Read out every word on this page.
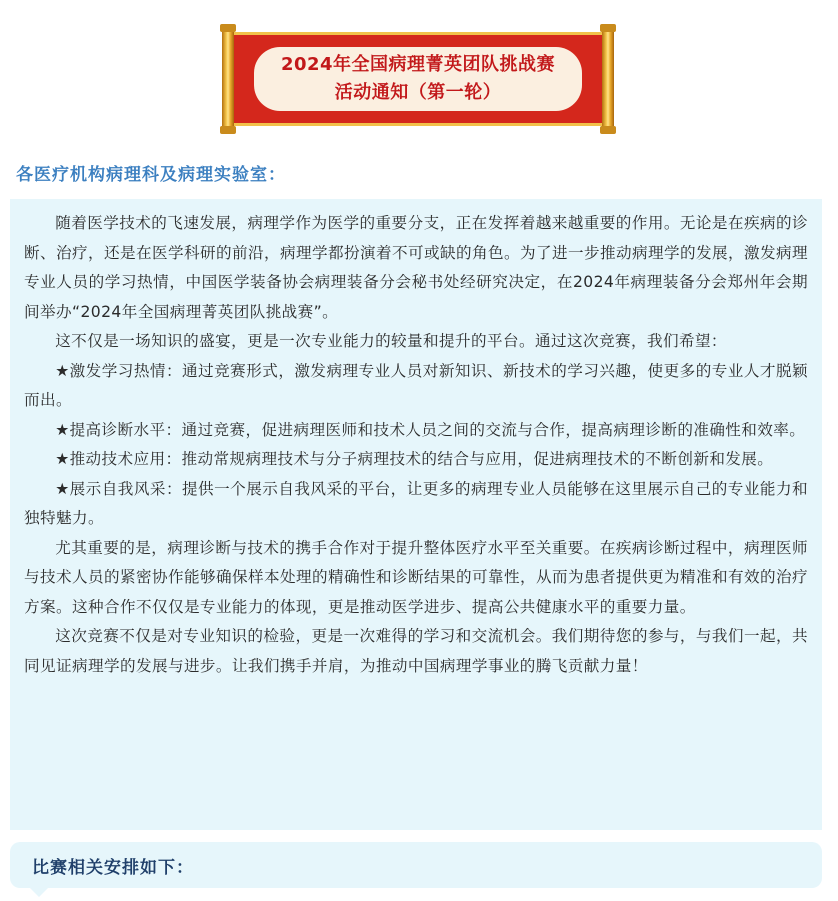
2024年全国病理菁英团队挑战赛
活动通知（第一轮）
各医疗机构病理科及病理实验室：

随着医学技术的飞速发展，病理学作为医学的重要分支，正在发挥着越来越重要的作用。无论是在疾病的诊断、治疗，还是在医学科研的前沿，病理学都扮演着不可或缺的角色。为了进一步推动病理学的发展，激发病理专业人员的学习热情，中国医学装备协会病理装备分会秘书处经研究决定，在2024年病理装备分会郑州年会期间举办“2024年全国病理菁英团队挑战赛”。

这不仅是一场知识的盛宴，更是一次专业能力的较量和提升的平台。通过这次竞赛，我们希望：

★激发学习热情：通过竞赛形式，激发病理专业人员对新知识、新技术的学习兴趣，使更多的专业人才脱颖而出。

★提高诊断水平：通过竞赛，促进病理医师和技术人员之间的交流与合作，提高病理诊断的准确性和效率。

★推动技术应用：推动常规病理技术与分子病理技术的结合与应用，促进病理技术的不断创新和发展。

★展示自我风采：提供一个展示自我风采的平台，让更多的病理专业人员能够在这里展示自己的专业能力和独特魅力。

尤其重要的是，病理诊断与技术的携手合作对于提升整体医疗水平至关重要。在疾病诊断过程中，病理医师与技术人员的紧密协作能够确保样本处理的精确性和诊断结果的可靠性，从而为患者提供更为精准和有效的治疗方案。这种合作不仅仅是专业能力的体现，更是推动医学进步、提高公共健康水平的重要力量。

这次竞赛不仅是对专业知识的检验，更是一次难得的学习和交流机会。我们期待您的参与，与我们一起，共同见证病理学的发展与进步。让我们携手并肩，为推动中国病理学事业的腾飞贡献力量！

比赛相关安排如下：
